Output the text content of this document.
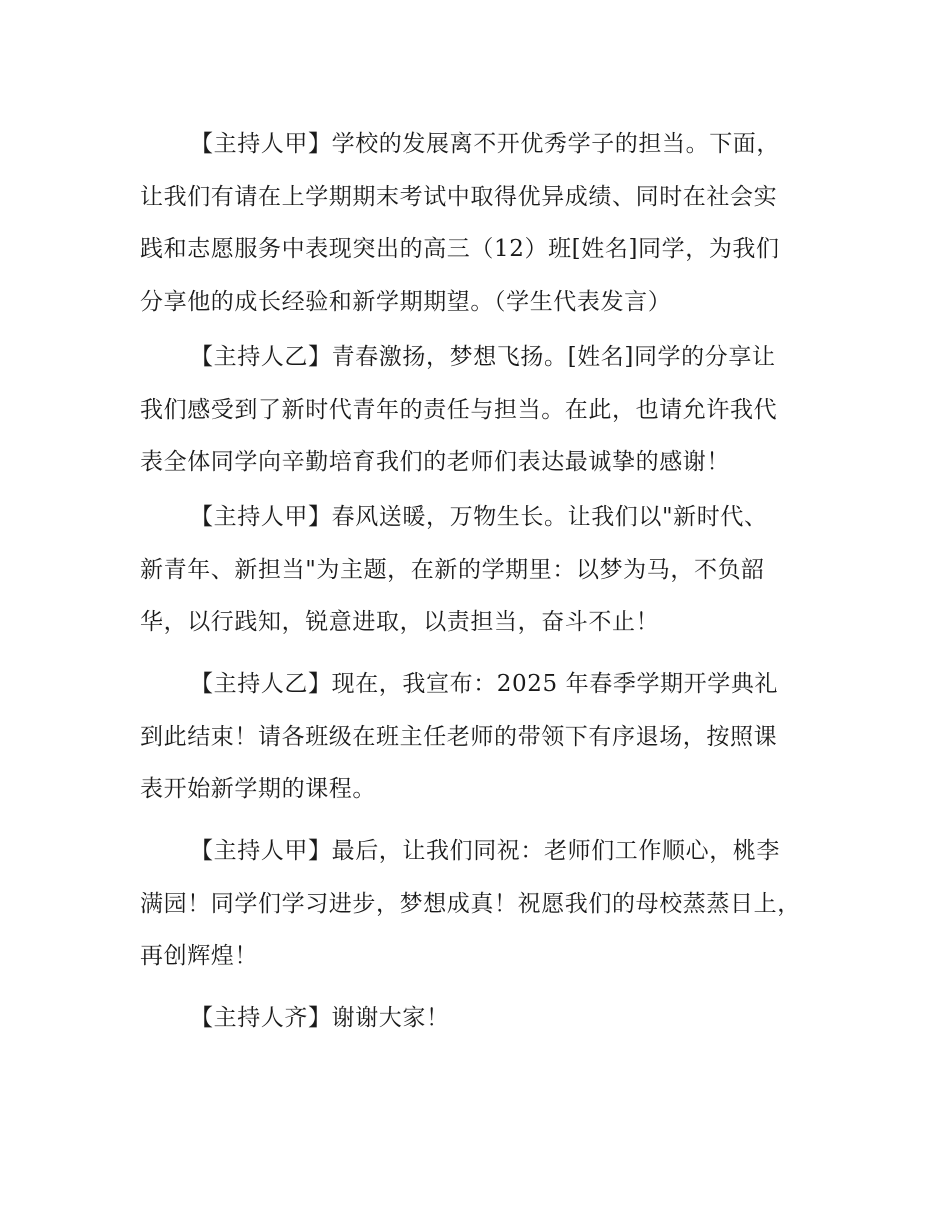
【主持人甲】学校的发展离不开优秀学子的担当。下面，
让我们有请在上学期期末考试中取得优异成绩、同时在社会实
践和志愿服务中表现突出的高三（12）班[姓名]同学，为我们
分享他的成长经验和新学期期望。（学生代表发言）
【主持人乙】青春激扬，梦想飞扬。[姓名]同学的分享让
我们感受到了新时代青年的责任与担当。在此，也请允许我代
表全体同学向辛勤培育我们的老师们表达最诚挚的感谢！
【主持人甲】春风送暖，万物生长。让我们以"新时代、
新青年、新担当"为主题，在新的学期里：以梦为马，不负韶
华，以行践知，锐意进取，以责担当，奋斗不止！
【主持人乙】现在，我宣布：2025 年春季学期开学典礼
到此结束！请各班级在班主任老师的带领下有序退场，按照课
表开始新学期的课程。
【主持人甲】最后，让我们同祝：老师们工作顺心，桃李
满园！同学们学习进步，梦想成真！祝愿我们的母校蒸蒸日上，
再创辉煌！
【主持人齐】谢谢大家！
